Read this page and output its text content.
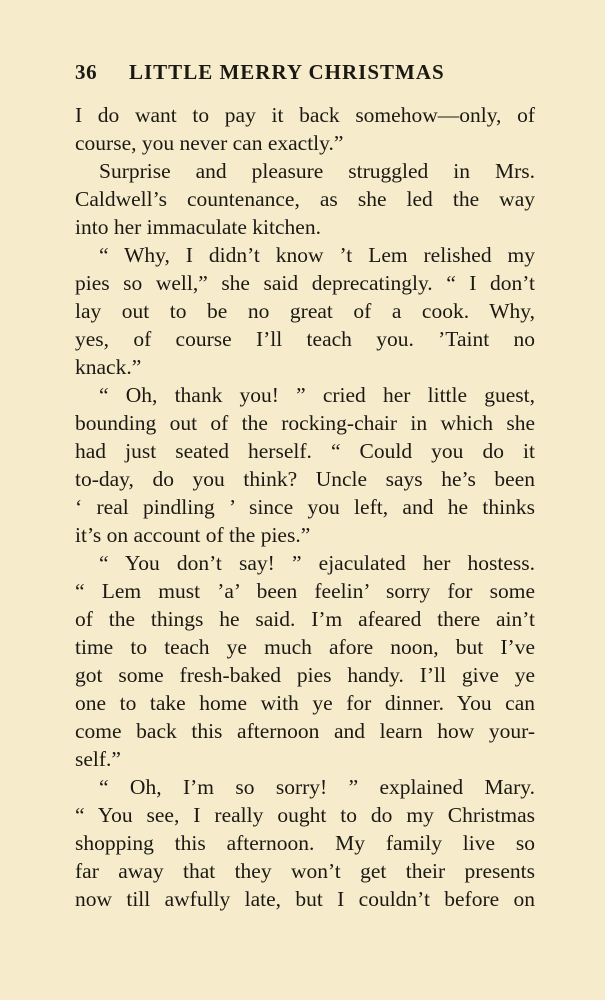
36	LITTLE MERRY CHRISTMAS
I do want to pay it back somehow—only, of
course, you never can exactly.”
Surprise and pleasure struggled in Mrs.
Caldwell’s countenance, as she led the way
into her immaculate kitchen.
“ Why, I didn’t know ’t Lem relished my
pies so well,” she said deprecatingly. “ I don’t
lay out to be no great of a cook. Why,
yes, of course I’ll teach you. ’Taint no
knack.”
“ Oh, thank you! ” cried her little guest,
bounding out of the rocking-chair in which she
had just seated herself. “ Could you do it
to-day, do you think? Uncle says he’s been
‘ real pindling ’ since you left, and he thinks
it’s on account of the pies.”
“ You don’t say! ” ejaculated her hostess.
“ Lem must ’a’ been feelin’ sorry for some
of the things he said. I’m afeared there ain’t
time to teach ye much afore noon, but I’ve
got some fresh-baked pies handy. I’ll give ye
one to take home with ye for dinner. You can
come back this afternoon and learn how your-
self.”
“ Oh, I’m so sorry! ” explained Mary.
“ You see, I really ought to do my Christmas
shopping this afternoon. My family live so
far away that they won’t get their presents
now till awfully late, but I couldn’t before on
